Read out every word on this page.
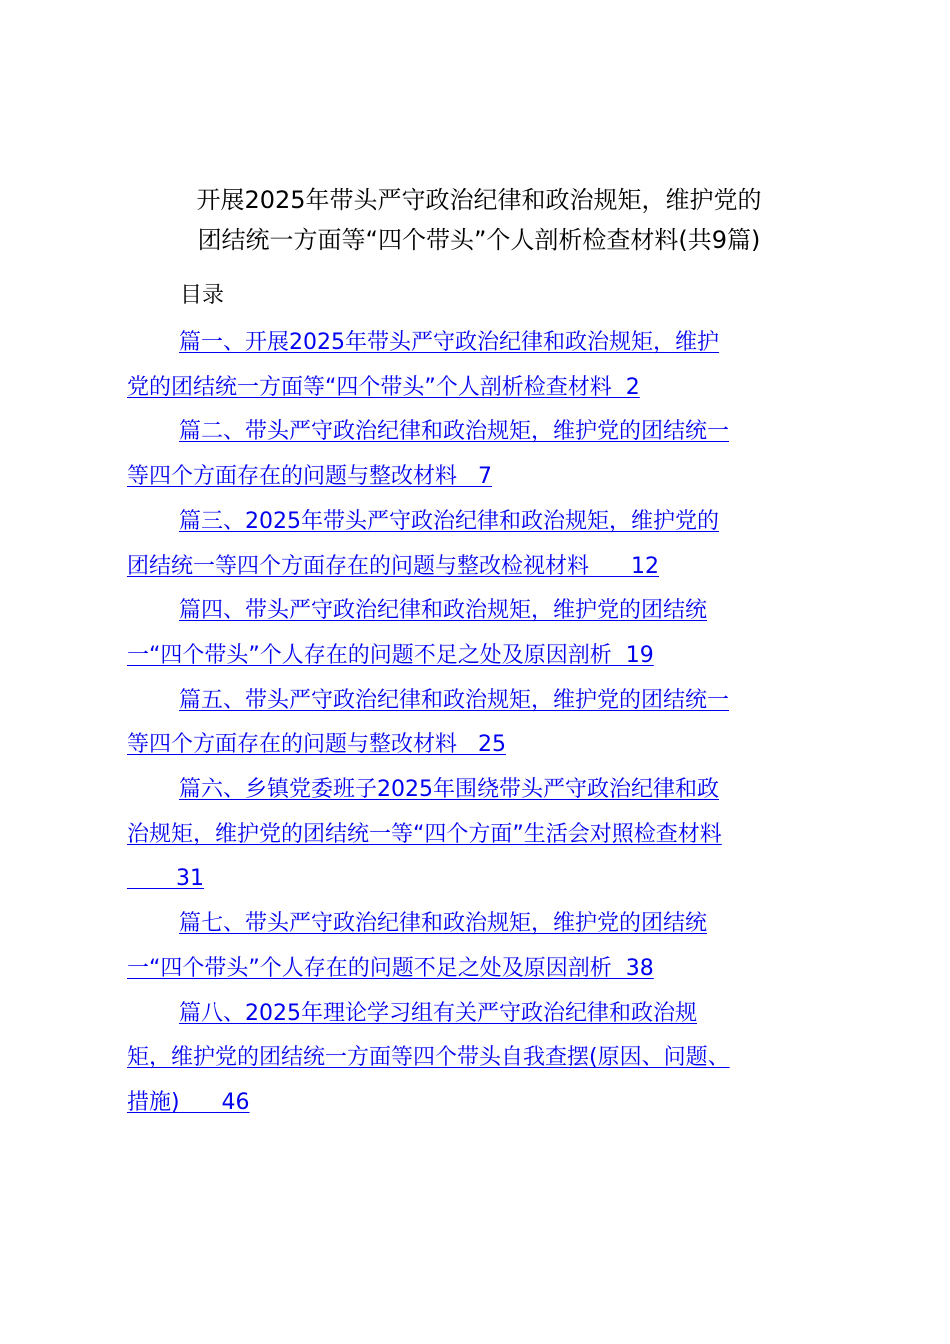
开展2025年带头严守政治纪律和政治规矩，维护党的
团结统一方面等“四个带头”个人剖析检查材料(共9篇)
目录
篇一、开展2025年带头严守政治纪律和政治规矩，维护
党的团结统一方面等“四个带头”个人剖析检查材料  2
篇二、带头严守政治纪律和政治规矩，维护党的团结统一
等四个方面存在的问题与整改材料   7
篇三、2025年带头严守政治纪律和政治规矩，维护党的
团结统一等四个方面存在的问题与整改检视材料      12
篇四、带头严守政治纪律和政治规矩，维护党的团结统
一“四个带头”个人存在的问题不足之处及原因剖析  19
篇五、带头严守政治纪律和政治规矩，维护党的团结统一
等四个方面存在的问题与整改材料   25
篇六、乡镇党委班子2025年围绕带头严守政治纪律和政
治规矩，维护党的团结统一等“四个方面”生活会对照检查材料
31
篇七、带头严守政治纪律和政治规矩，维护党的团结统
一“四个带头”个人存在的问题不足之处及原因剖析  38
篇八、2025年理论学习组有关严守政治纪律和政治规
矩，维护党的团结统一方面等四个带头自我查摆(原因、问题、
措施)      46
